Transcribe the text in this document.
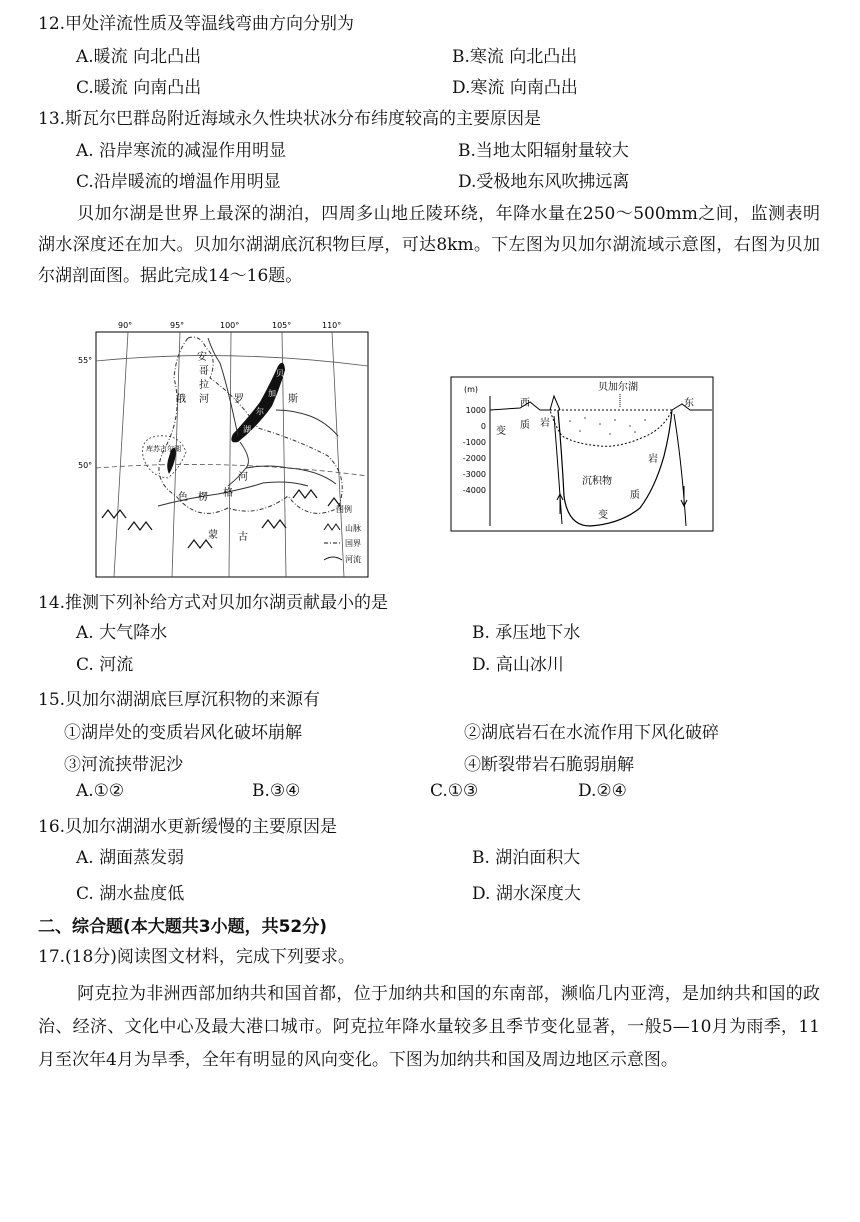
12.甲处洋流性质及等温线弯曲方向分别为
A.暖流 向北凸出	B.寒流 向北凸出
C.暖流 向南凸出	D.寒流 向南凸出
13.斯瓦尔巴群岛附近海域永久性块状冰分布纬度较高的主要原因是
A. 沿岸寒流的减湿作用明显	B.当地太阳辐射量较大
C.沿岸暖流的增温作用明显	D.受极地东风吹拂远离
贝加尔湖是世界上最深的湖泊，四周多山地丘陵环绕，年降水量在250～500mm之间，监测表明湖水深度还在加大。贝加尔湖湖底沉积物巨厚，可达8km。下左图为贝加尔湖流域示意图，右图为贝加尔湖剖面图。据此完成14～16题。
90°	95°	100°	105°	110°
55°
50°
安
哥
拉
河
俄	罗	斯
贝
加
尔
湖
库苏古尔湖
色 楞 格
河
蒙 古
图例
山脉
国界
河流
(m)
1000
0
-1000
-2000
-3000
-4000
西	东
贝加尔湖
变
质 岩
沉积物
岩
变
质
14.推测下列补给方式对贝加尔湖贡献最小的是
A. 大气降水	B. 承压地下水
C. 河流	D. 高山冰川
15.贝加尔湖湖底巨厚沉积物的来源有
①湖岸处的变质岩风化破坏崩解	②湖底岩石在水流作用下风化破碎
③河流挟带泥沙	④断裂带岩石脆弱崩解
A.①②	B.③④	C.①③	D.②④
16.贝加尔湖湖水更新缓慢的主要原因是
A. 湖面蒸发弱	B. 湖泊面积大
C. 湖水盐度低	D. 湖水深度大
二、综合题(本大题共3小题，共52分)
17.(18分)阅读图文材料，完成下列要求。
阿克拉为非洲西部加纳共和国首都，位于加纳共和国的东南部，濒临几内亚湾，是加纳共和国的政治、经济、文化中心及最大港口城市。阿克拉年降水量较多且季节变化显著，一般5—10月为雨季，11月至次年4月为旱季，全年有明显的风向变化。下图为加纳共和国及周边地区示意图。
